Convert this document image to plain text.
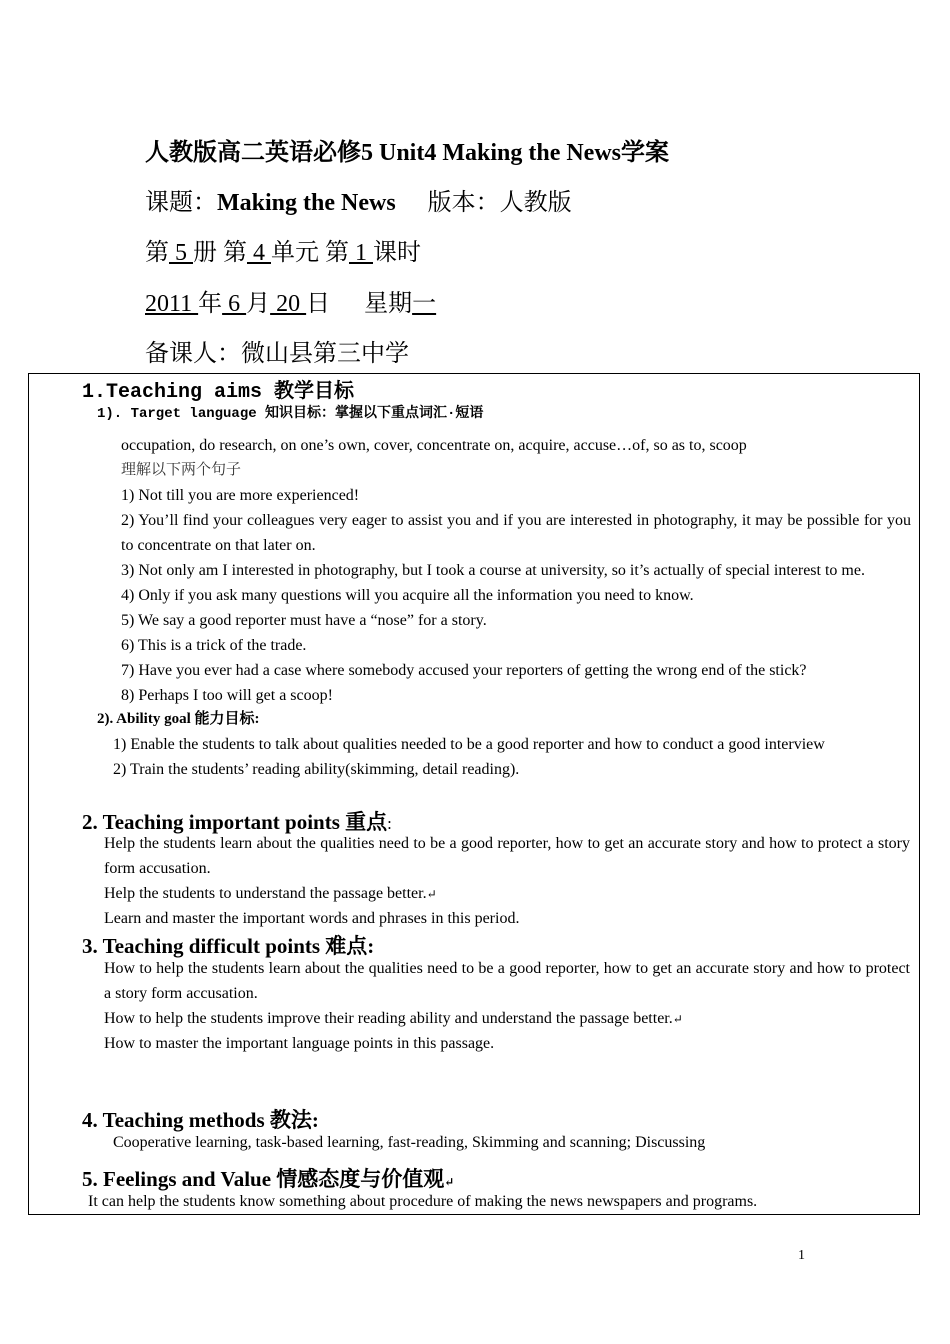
人教版高二英语必修5 Unit4 Making the News学案
课题：Making the News 版本：人教版
第 5 册 第 4 单元 第 1 课时
2011 年 6 月 20 日 星期一
备课人：微山县第三中学
1.Teaching aims 教学目标
1). Target language 知识目标：掌握以下重点词汇·短语
occupation, do research, on one’s own, cover, concentrate on, acquire, accuse…of, so as to, scoop
理解以下两个句子
1) Not till you are more experienced!
2) You’ll find your colleagues very eager to assist you and if you are interested in photography, it may be possible for you to concentrate on that later on.
3) Not only am I interested in photography, but I took a course at university, so it’s actually of special interest to me.
4) Only if you ask many questions will you acquire all the information you need to know.
5) We say a good reporter must have a “nose” for a story.
6) This is a trick of the trade.
7) Have you ever had a case where somebody accused your reporters of getting the wrong end of the stick?
8) Perhaps I too will get a scoop!
2). Ability goal 能力目标:
1) Enable the students to talk about qualities needed to be a good reporter and how to conduct a good interview
2) Train the students’ reading ability(skimming, detail reading).
2. Teaching important points 重点:
Help the students learn about the qualities need to be a good reporter, how to get an accurate story and how to protect a story form accusation.
Help the students to understand the passage better.↵
Learn and master the important words and phrases in this period.
3. Teaching difficult points 难点:
How to help the students learn about the qualities need to be a good reporter, how to get an accurate story and how to protect a story form accusation.
How to help the students improve their reading ability and understand the passage better.↵
How to master the important language points in this passage.
4. Teaching methods 教法:
Cooperative learning, task-based learning, fast-reading, Skimming and scanning; Discussing
5. Feelings and Value 情感态度与价值观↵
It can help the students know something about procedure of making the news newspapers and programs.
1
